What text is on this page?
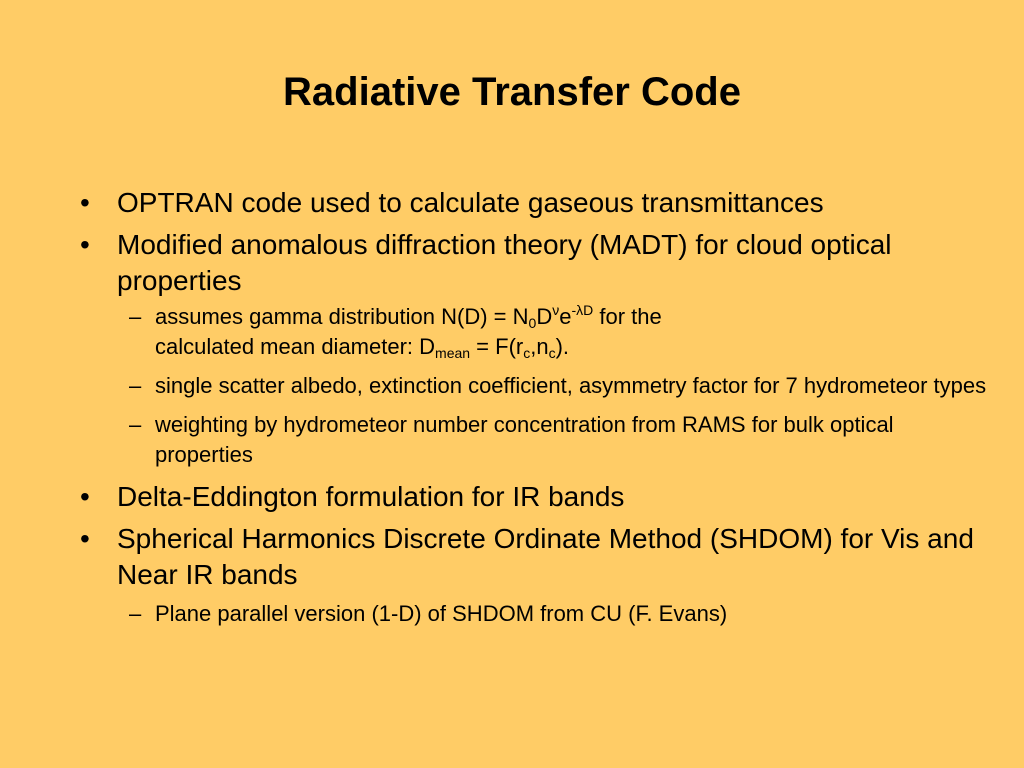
Radiative Transfer Code
• OPTRAN code used to calculate gaseous transmittances
• Modified anomalous diffraction theory (MADT) for cloud optical properties
– assumes gamma distribution $N(D) = N_0D^\nu e^{-\lambda D}$ for the
calculated mean diameter: $D_{mean} = F(r_c,n_c)$.
– single scatter albedo, extinction coefficient, asymmetry factor for 7 hydrometeor types
– weighting by hydrometeor number concentration from RAMS for bulk optical properties
• Delta-Eddington formulation for IR bands
• Spherical Harmonics Discrete Ordinate Method (SHDOM) for Vis and Near IR bands
– Plane parallel version (1-D) of SHDOM from CU (F. Evans)
